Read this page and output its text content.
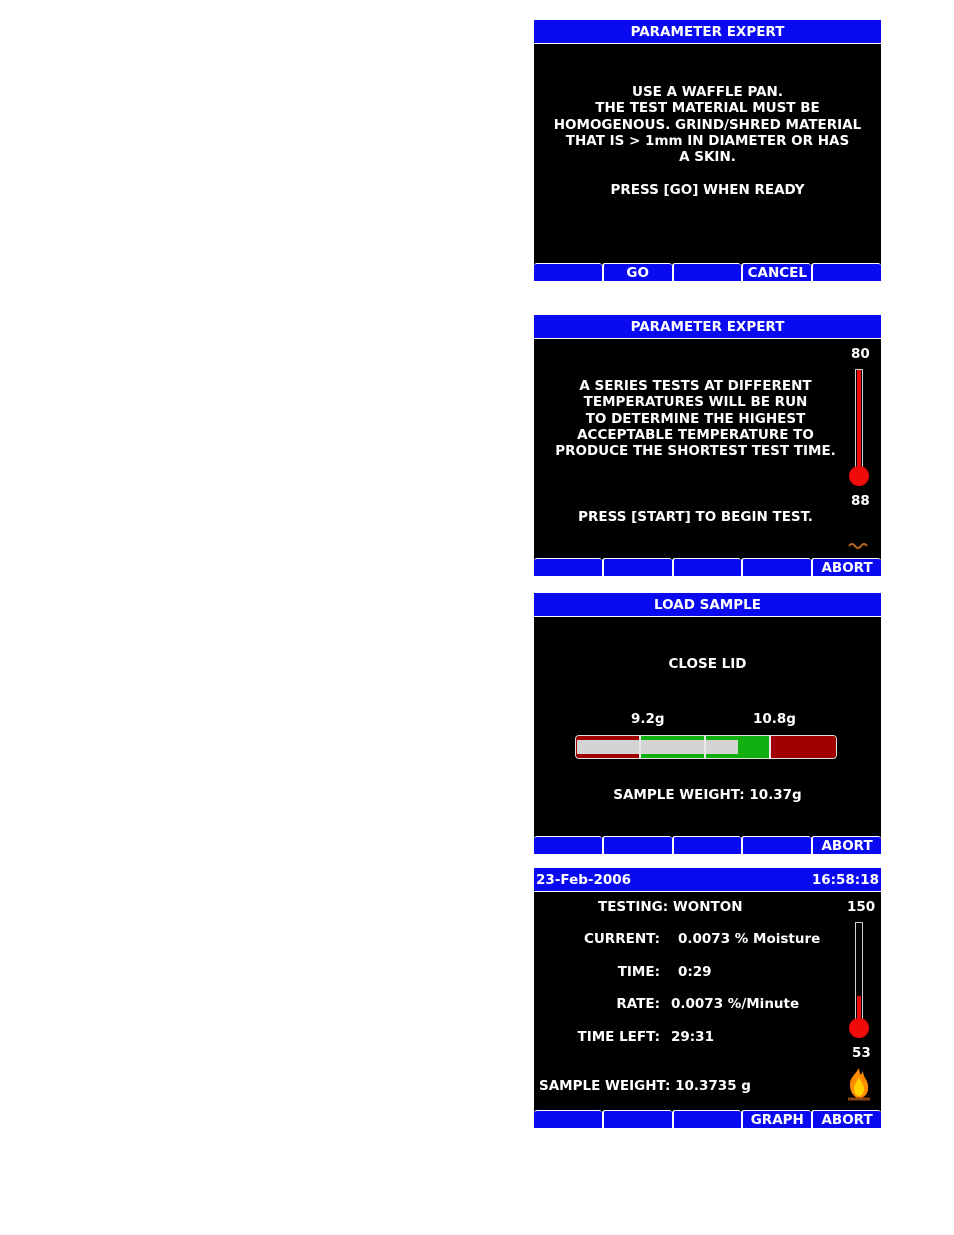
PARAMETER EXPERT
USE A WAFFLE PAN.
THE TEST MATERIAL MUST BE
HOMOGENOUS. GRIND/SHRED MATERIAL
THAT IS > 1mm IN DIAMETER OR HAS
A SKIN.

PRESS [GO] WHEN READY
GO	CANCEL
PARAMETER EXPERT
A SERIES TESTS AT DIFFERENT
TEMPERATURES WILL BE RUN
TO DETERMINE THE HIGHEST
ACCEPTABLE TEMPERATURE TO
PRODUCE THE SHORTEST TEST TIME.
PRESS [START] TO BEGIN TEST.
80
88
ABORT
LOAD SAMPLE
CLOSE LID
9.2g	10.8g
SAMPLE WEIGHT: 10.37g
ABORT
23-Feb-2006	16:58:18
TESTING: WONTON
CURRENT: 0.0073 % Moisture
TIME: 0:29
RATE: 0.0073 %/Minute
TIME LEFT: 29:31
SAMPLE WEIGHT: 10.3735 g
150
53
GRAPH	ABORT
